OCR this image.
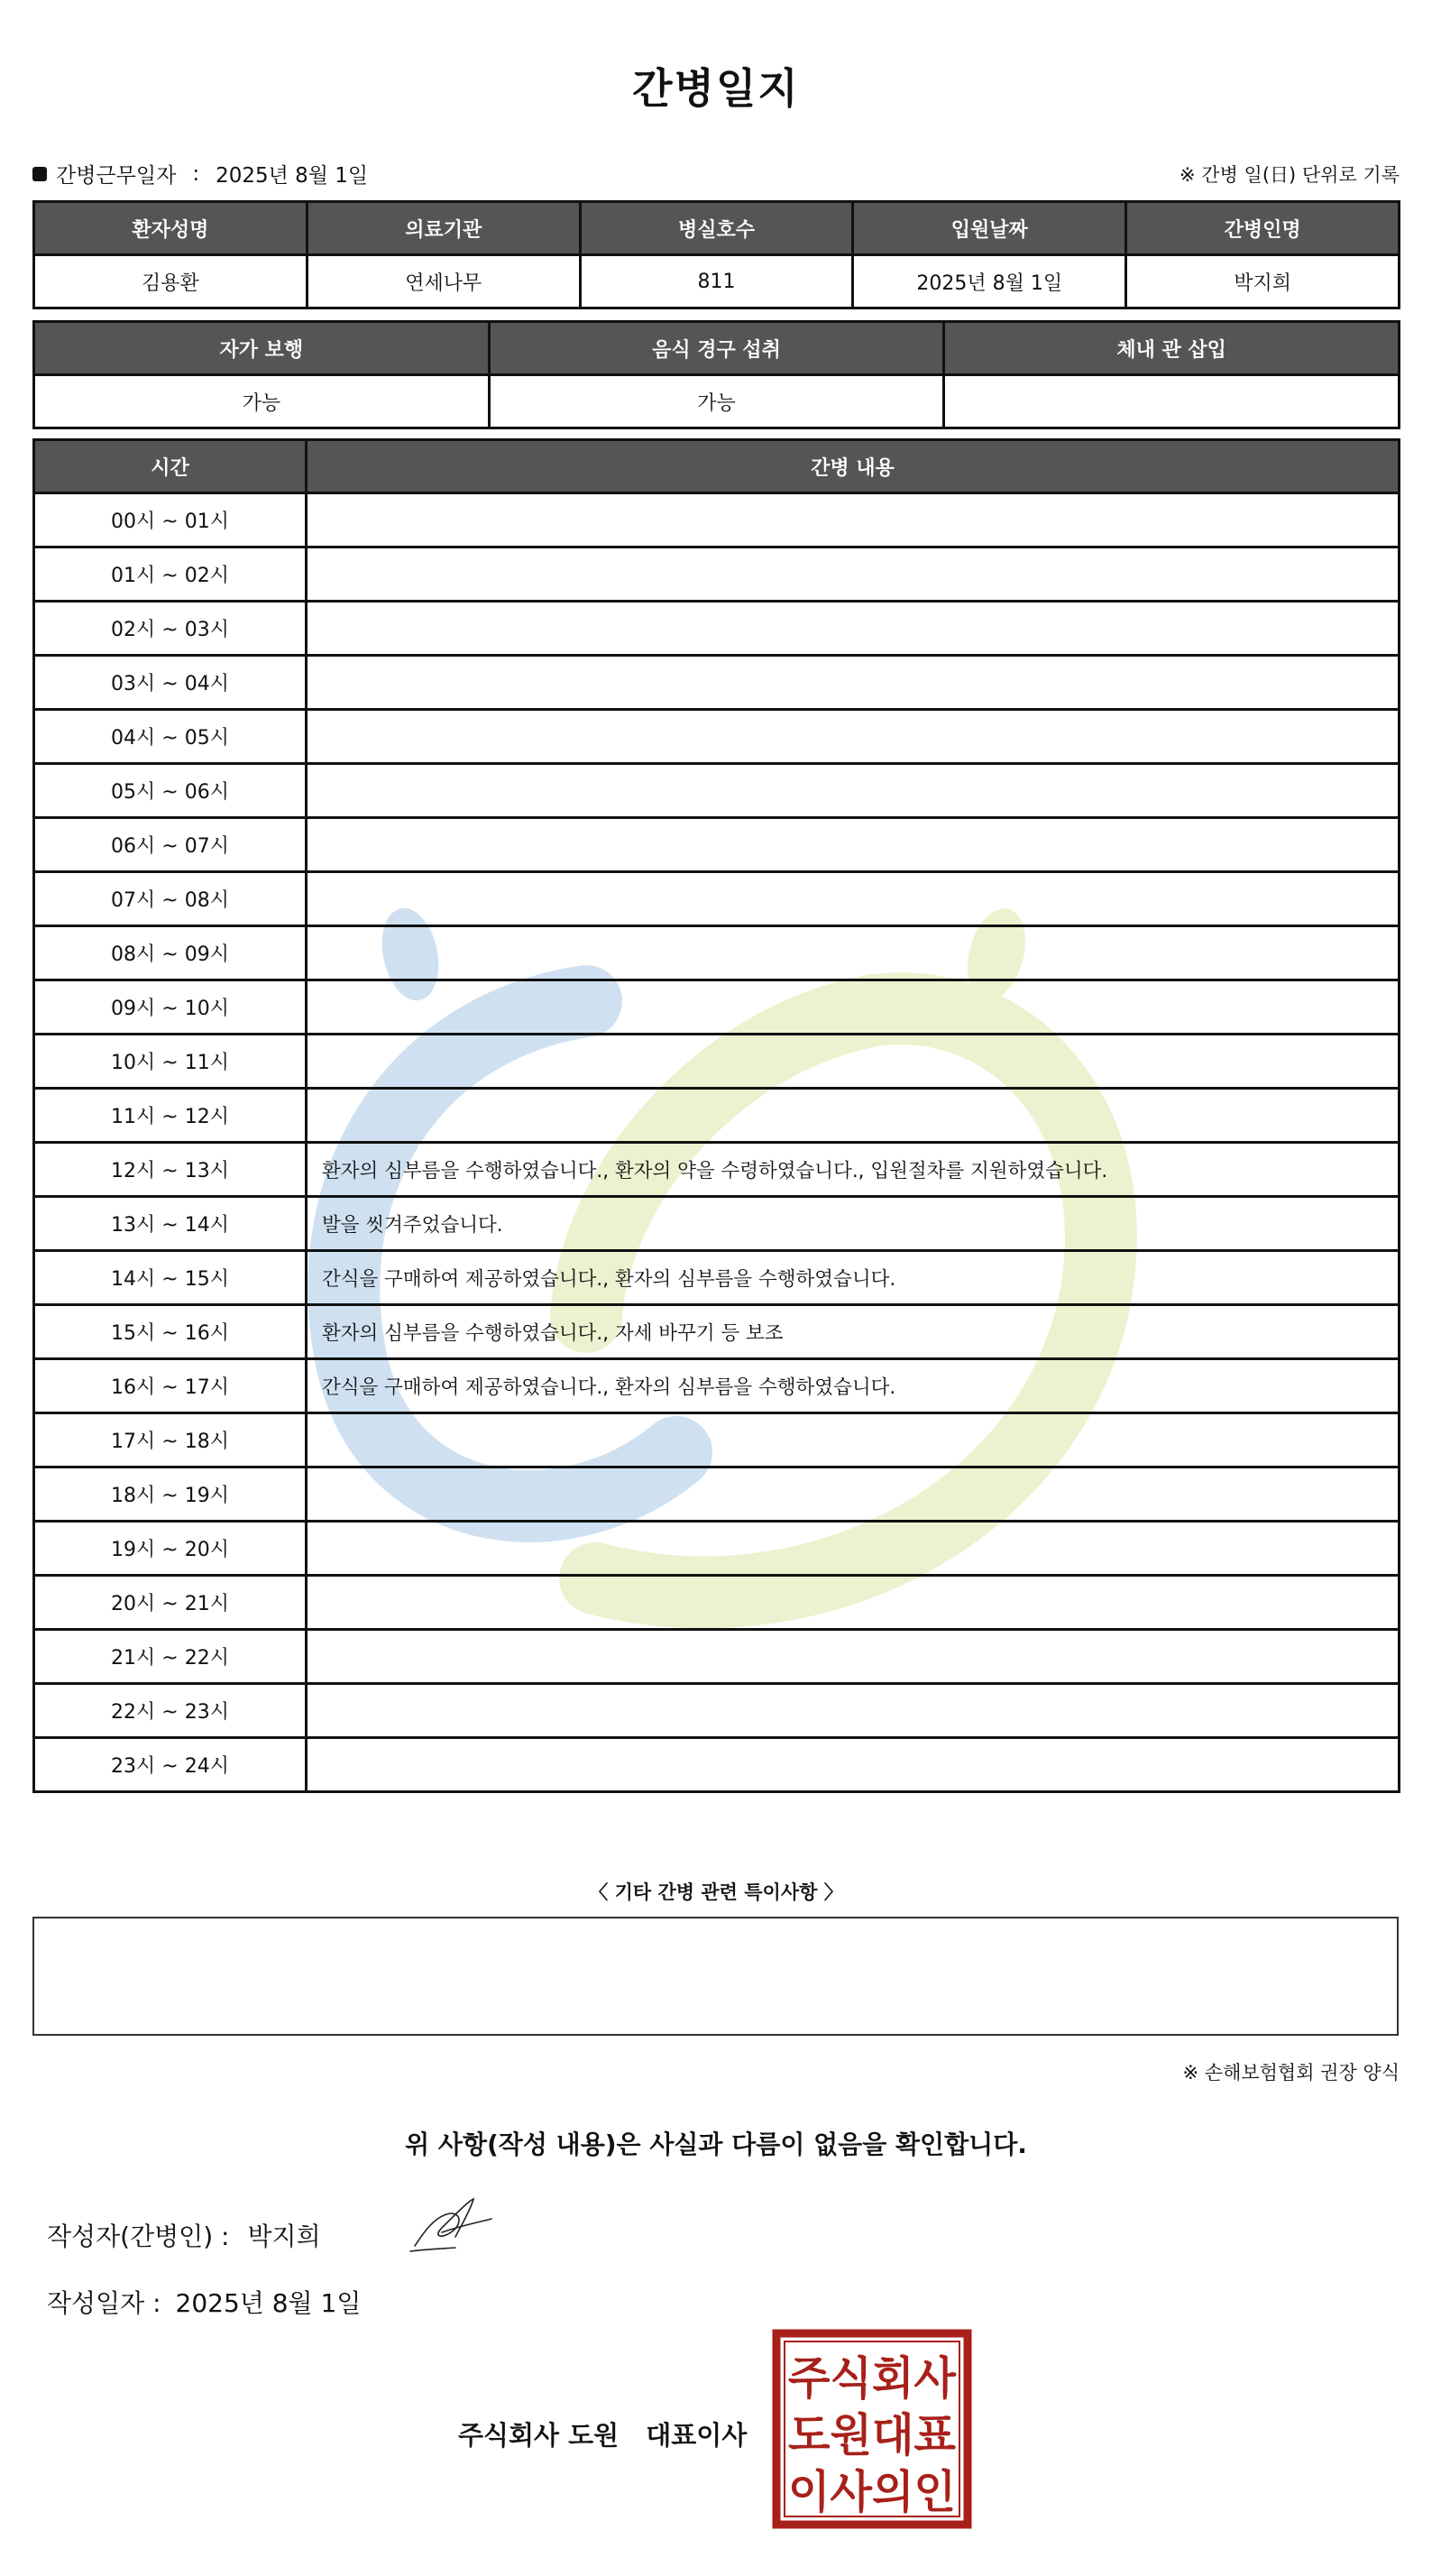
간병일지
간병근무일자 : 2025년 8월 1일	※ 간병 일(日) 단위로 기록
환자성명	의료기관	병실호수	입원날짜	간병인명
김용환	연세나무	811	2025년 8월 1일	박지희
자가 보행	음식 경구 섭취	체내 관 삽입
가능	가능	
시간	간병 내용
00시 ~ 01시	
01시 ~ 02시	
02시 ~ 03시	
03시 ~ 04시	
04시 ~ 05시	
05시 ~ 06시	
06시 ~ 07시	
07시 ~ 08시	
08시 ~ 09시	
09시 ~ 10시	
10시 ~ 11시	
11시 ~ 12시	
12시 ~ 13시	환자의 심부름을 수행하였습니다., 환자의 약을 수령하였습니다., 입원절차를 지원하였습니다.
13시 ~ 14시	발을 씻겨주었습니다.
14시 ~ 15시	간식을 구매하여 제공하였습니다., 환자의 심부름을 수행하였습니다.
15시 ~ 16시	환자의 심부름을 수행하였습니다., 자세 바꾸기 등 보조
16시 ~ 17시	간식을 구매하여 제공하였습니다., 환자의 심부름을 수행하였습니다.
17시 ~ 18시	
18시 ~ 19시	
19시 ~ 20시	
20시 ~ 21시	
21시 ~ 22시	
22시 ~ 23시	
23시 ~ 24시	
〈 기타 간병 관련 특이사항 〉
※ 손해보험협회 권장 양식
위 사항(작성 내용)은 사실과 다름이 없음을 확인합니다.
작성자(간병인) : 박지희
작성일자 : 2025년 8월 1일
주식회사 도원 대표이사
주식회사
도원대표
이사의인
